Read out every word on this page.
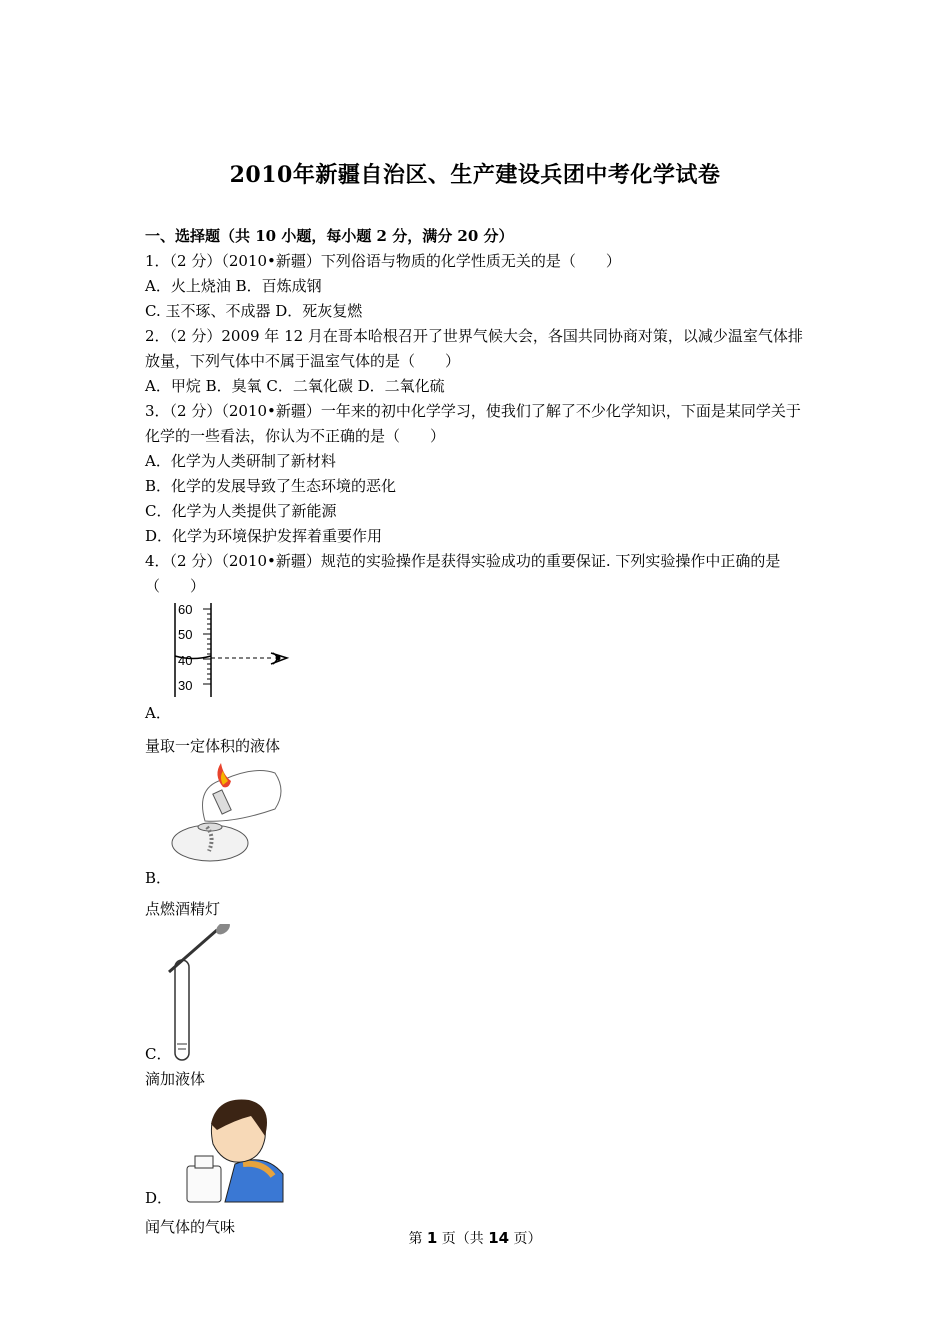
2010年新疆自治区、生产建设兵团中考化学试卷
一、选择题（共 10 小题，每小题 2 分，满分 20 分）
1．（2 分）（2010•新疆）下列俗语与物质的化学性质无关的是（　　）
A．火上烧油 B．百炼成钢
C. 玉不琢、不成器 D．死灰复燃
2．（2 分）2009 年 12 月在哥本哈根召开了世界气候大会，各国共同协商对策，以减少温室气体排放量，下列气体中不属于温室气体的是（　　）
A．甲烷 B．臭氧 C．二氧化碳 D．二氧化硫
3．（2 分）（2010•新疆）一年来的初中化学学习，使我们了解了不少化学知识，下面是某同学关于化学的一些看法，你认为不正确的是（　　）
A．化学为人类研制了新材料
B．化学的发展导致了生态环境的恶化
C．化学为人类提供了新能源
D．化学为环境保护发挥着重要作用
4．（2 分）（2010•新疆）规范的实验操作是获得实验成功的重要保证. 下列实验操作中正确的是（　　）
60
50
40
30
A．
量取一定体积的液体
B．
点燃酒精灯
C．
滴加液体
D．
闻气体的气味
第 1 页（共 14 页）
